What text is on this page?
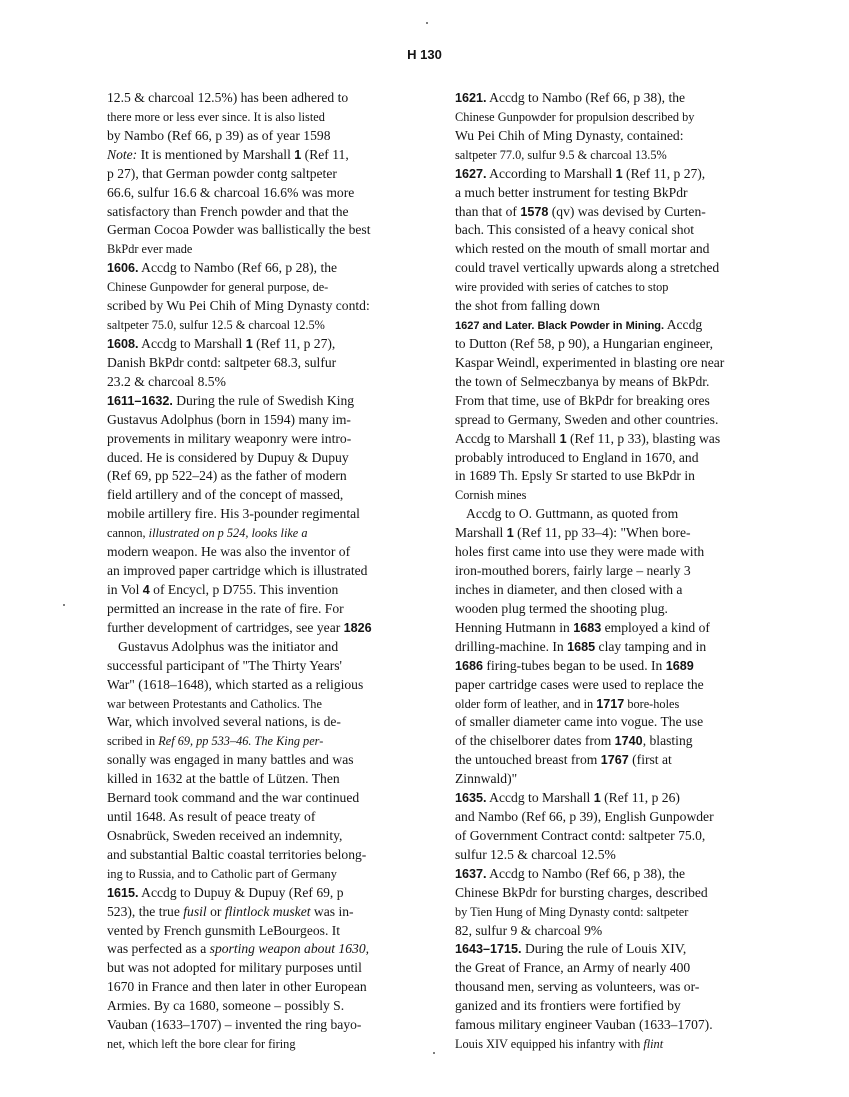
H 130
12.5 & charcoal 12.5%) has been adhered to
there more or less ever since. It is also listed
by Nambo (Ref 66, p 39) as of year 1598
Note: It is mentioned by Marshall 1 (Ref 11,
p 27), that German powder contg saltpeter
66.6, sulfur 16.6 & charcoal 16.6% was more
satisfactory than French powder and that the
German Cocoa Powder was ballistically the best
BkPdr ever made
1606. Accdg to Nambo (Ref 66, p 28), the
Chinese Gunpowder for general purpose, de-
scribed by Wu Pei Chih of Ming Dynasty contd:
saltpeter 75.0, sulfur 12.5 & charcoal 12.5%
1608. Accdg to Marshall 1 (Ref 11, p 27),
Danish BkPdr contd: saltpeter 68.3, sulfur
23.2 & charcoal 8.5%
1611–1632. During the rule of Swedish King
Gustavus Adolphus (born in 1594) many im-
provements in military weaponry were intro-
duced. He is considered by Dupuy & Dupuy
(Ref 69, pp 522–24) as the father of modern
field artillery and of the concept of massed,
mobile artillery fire. His 3-pounder regimental
cannon, illustrated on p 524, looks like a
modern weapon. He was also the inventor of
an improved paper cartridge which is illustrated
in Vol 4 of Encycl, p D755. This invention
permitted an increase in the rate of fire. For
further development of cartridges, see year 1826
Gustavus Adolphus was the initiator and
successful participant of "The Thirty Years'
War" (1618–1648), which started as a religious
war between Protestants and Catholics. The
War, which involved several nations, is de-
scribed in Ref 69, pp 533–46. The King per-
sonally was engaged in many battles and was
killed in 1632 at the battle of Lützen. Then
Bernard took command and the war continued
until 1648. As result of peace treaty of
Osnabrück, Sweden received an indemnity,
and substantial Baltic coastal territories belong-
ing to Russia, and to Catholic part of Germany
1615. Accdg to Dupuy & Dupuy (Ref 69, p
523), the true fusil or flintlock musket was in-
vented by French gunsmith LeBourgeos. It
was perfected as a sporting weapon about 1630,
but was not adopted for military purposes until
1670 in France and then later in other European
Armies. By ca 1680, someone – possibly S.
Vauban (1633–1707) – invented the ring bayo-
net, which left the bore clear for firing
1621. Accdg to Nambo (Ref 66, p 38), the
Chinese Gunpowder for propulsion described by
Wu Pei Chih of Ming Dynasty, contained:
saltpeter 77.0, sulfur 9.5 & charcoal 13.5%
1627. According to Marshall 1 (Ref 11, p 27),
a much better instrument for testing BkPdr
than that of 1578 (qv) was devised by Curten-
bach. This consisted of a heavy conical shot
which rested on the mouth of small mortar and
could travel vertically upwards along a stretched
wire provided with series of catches to stop
the shot from falling down
1627 and Later. Black Powder in Mining. Accdg
to Dutton (Ref 58, p 90), a Hungarian engineer,
Kaspar Weindl, experimented in blasting ore near
the town of Selmeczbanya by means of BkPdr.
From that time, use of BkPdr for breaking ores
spread to Germany, Sweden and other countries.
Accdg to Marshall 1 (Ref 11, p 33), blasting was
probably introduced to England in 1670, and
in 1689 Th. Epsly Sr started to use BkPdr in
Cornish mines
Accdg to O. Guttmann, as quoted from
Marshall 1 (Ref 11, pp 33–4): "When bore-
holes first came into use they were made with
iron-mouthed borers, fairly large – nearly 3
inches in diameter, and then closed with a
wooden plug termed the shooting plug.
Henning Hutmann in 1683 employed a kind of
drilling-machine. In 1685 clay tamping and in
1686 firing-tubes began to be used. In 1689
paper cartridge cases were used to replace the
older form of leather, and in 1717 bore-holes
of smaller diameter came into vogue. The use
of the chiselborer dates from 1740, blasting
the untouched breast from 1767 (first at
Zinnwald)"
1635. Accdg to Marshall 1 (Ref 11, p 26)
and Nambo (Ref 66, p 39), English Gunpowder
of Government Contract contd: saltpeter 75.0,
sulfur 12.5 & charcoal 12.5%
1637. Accdg to Nambo (Ref 66, p 38), the
Chinese BkPdr for bursting charges, described
by Tien Hung of Ming Dynasty contd: saltpeter
82, sulfur 9 & charcoal 9%
1643–1715. During the rule of Louis XIV,
the Great of France, an Army of nearly 400
thousand men, serving as volunteers, was or-
ganized and its frontiers were fortified by
famous military engineer Vauban (1633–1707).
Louis XIV equipped his infantry with flint
